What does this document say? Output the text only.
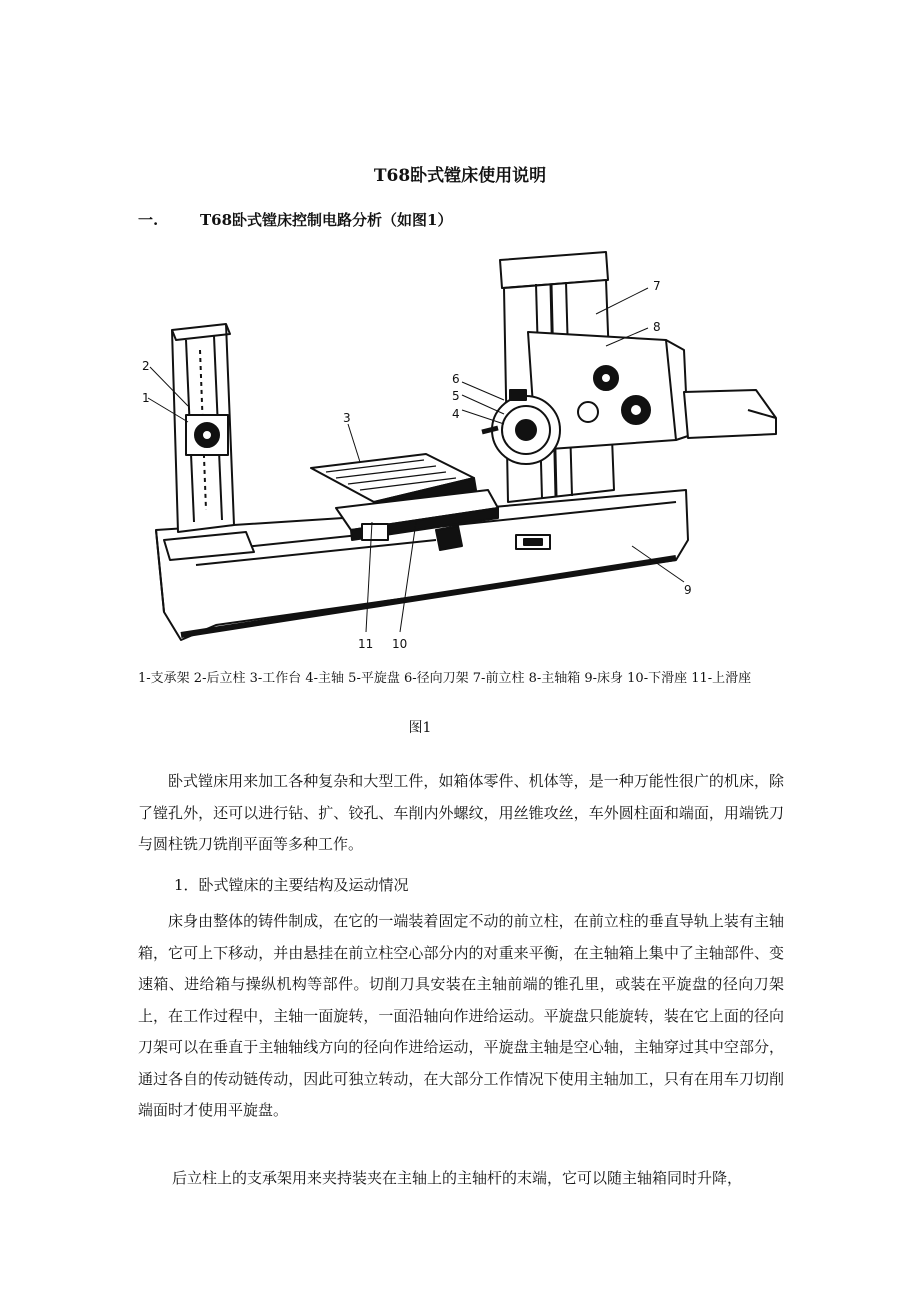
T68卧式镗床使用说明
一.	T68卧式镗床控制电路分析（如图1）
1
2
3	4
5
6
7
8
9
10
11
1-支承架 2-后立柱 3-工作台 4-主轴 5-平旋盘 6-径向刀架 7-前立柱 8-主轴箱 9-床身 10-下滑座 11-上滑座
图1

卧式镗床用来加工各种复杂和大型工件，如箱体零件、机体等，是一种万能性很广的机床，除了镗孔外，还可以进行钻、扩、铰孔、车削内外螺纹，用丝锥攻丝，车外圆柱面和端面，用端铣刀与圆柱铣刀铣削平面等多种工作。

1．卧式镗床的主要结构及运动情况

床身由整体的铸件制成，在它的一端装着固定不动的前立柱，在前立柱的垂直导轨上装有主轴箱，它可上下移动，并由悬挂在前立柱空心部分内的对重来平衡，在主轴箱上集中了主轴部件、变速箱、进给箱与操纵机构等部件。切削刀具安装在主轴前端的锥孔里，或装在平旋盘的径向刀架上，在工作过程中，主轴一面旋转，一面沿轴向作进给运动。平旋盘只能旋转，装在它上面的径向刀架可以在垂直于主轴轴线方向的径向作进给运动，平旋盘主轴是空心轴，主轴穿过其中空部分，通过各自的传动链传动，因此可独立转动，在大部分工作情况下使用主轴加工，只有在用车刀切削端面时才使用平旋盘。

后立柱上的支承架用来夹持装夹在主轴上的主轴杆的末端，它可以随主轴箱同时升降，
